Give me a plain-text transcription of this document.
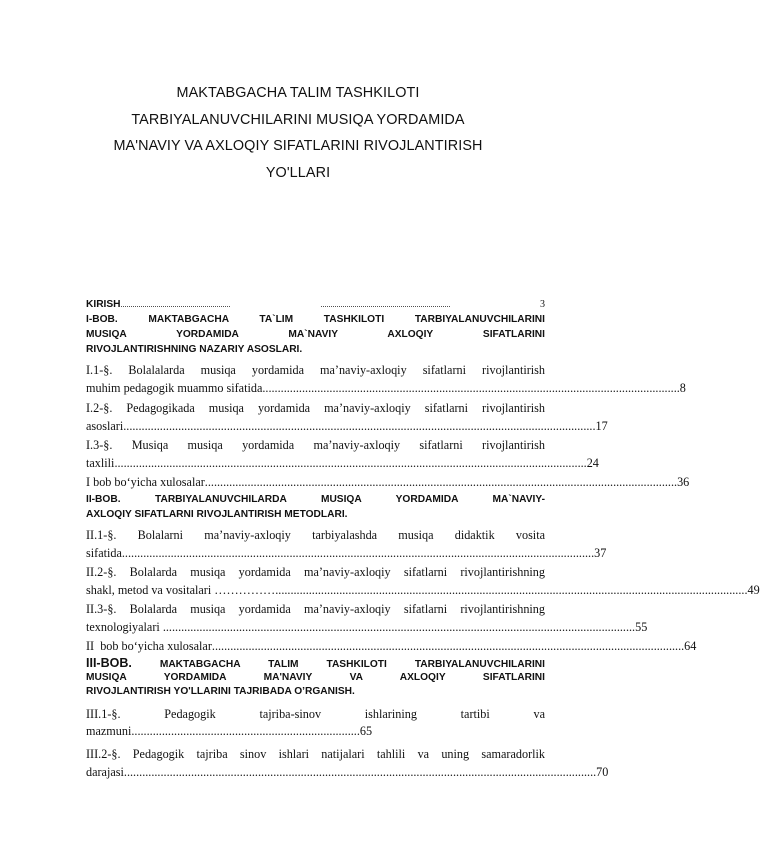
MAKTABGACHA TALIM TASHKILOTI
TARBIYALANUVCHILARINI MUSIQA YORDAMIDA
MA'NAVIY VA AXLOQIY SIFATLARINI RIVOJLANTIRISH
YO'LLARI
KIRISH .......................................................	.................................................................	3
I-BOB. MAKTABGACHA TA`LIM TASHKILOTI TARBIYALANUVCHILARINI
MUSIQA YORDAMIDA MA`NAVIY AXLOQIY SIFATLARINI
RIVOJLANTIRISHNING NAZARIY ASOSLARI.
I.1-§. Bolalalarda musiqa yordamida ma’naviy-axloqiy sifatlarni rivojlantirish
muhim pedagogik muammo sifatida ......................................................................................................................................... 8
I.2-§. Pedagogikada musiqa yordamida ma’naviy-axloqiy sifatlarni rivojlantirish
asoslari ........................................................................................................................................................... 17
I.3-§. Musiqa musiqa yordamida ma’naviy-axloqiy sifatlarni rivojlantirish
taxlili ........................................................................................................................................................... 24
I bob bo‘yicha xulosalar ........................................................................................................................................................... 36
II-BOB. TARBIYALANUVCHILARDA MUSIQA YORDAMIDA MA`NAVIY-
AXLOQIY SIFATLARNI RIVOJLANTIRISH METODLARI.
II.1-§. Bolalarni ma’naviy-axloqiy tarbiyalashda musiqa didaktik vosita
sifatida ........................................................................................................................................................... 37
II.2-§. Bolalarda musiqa yordamida ma’naviy-axloqiy sifatlarni rivojlantirishning
shakl, metod va vositalari …………… ........................................................................................................................................................... 49
II.3-§. Bolalarda musiqa yordamida ma’naviy-axloqiy sifatlarni rivojlantirishning
texnologiyalari ........................................................................................................................................................... 55
II  bob bo‘yicha xulosalar ........................................................................................................................................................... 64
III-BOB.	MAKTABGACHA TALIM TASHKILOTI TARBIYALANUVCHILARINI
MUSIQA YORDAMIDA MA'NAVIY VA AXLOQIY SIFATLARINI
RIVOJLANTIRISH YO'LLARINI TAJRIBADA O’RGANISH.
III.1-§. Pedagogik tajriba-sinov ishlarining tartibi va
mazmuni ........................................................................... 65
III.2-§. Pedagogik tajriba sinov ishlari natijalari tahlili va uning samaradorlik
darajasi ........................................................................................................................................................... 70
